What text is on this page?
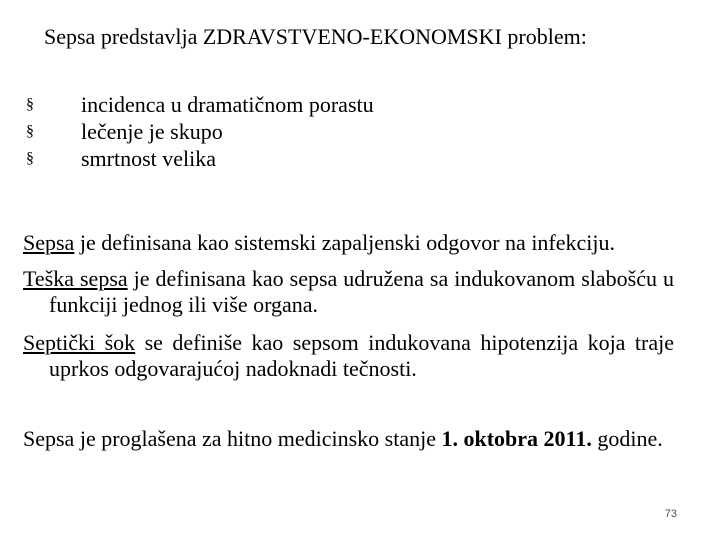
Sepsa predstavlja ZDRAVSTVENO-EKONOMSKI problem:
§ incidenca u dramatičnom porastu
§ lečenje je skupo
§ smrtnost velika
Sepsa je definisana kao sistemski zapaljenski odgovor na infekciju.
Teška sepsa je definisana kao sepsa udružena sa indukovanom slabošću u funkciji jednog ili više organa.
Septički šok se definiše kao sepsom indukovana hipotenzija koja traje uprkos odgovarajućoj nadoknadi tečnosti.
Sepsa je proglašena za hitno medicinsko stanje 1. oktobra 2011. godine.
73
